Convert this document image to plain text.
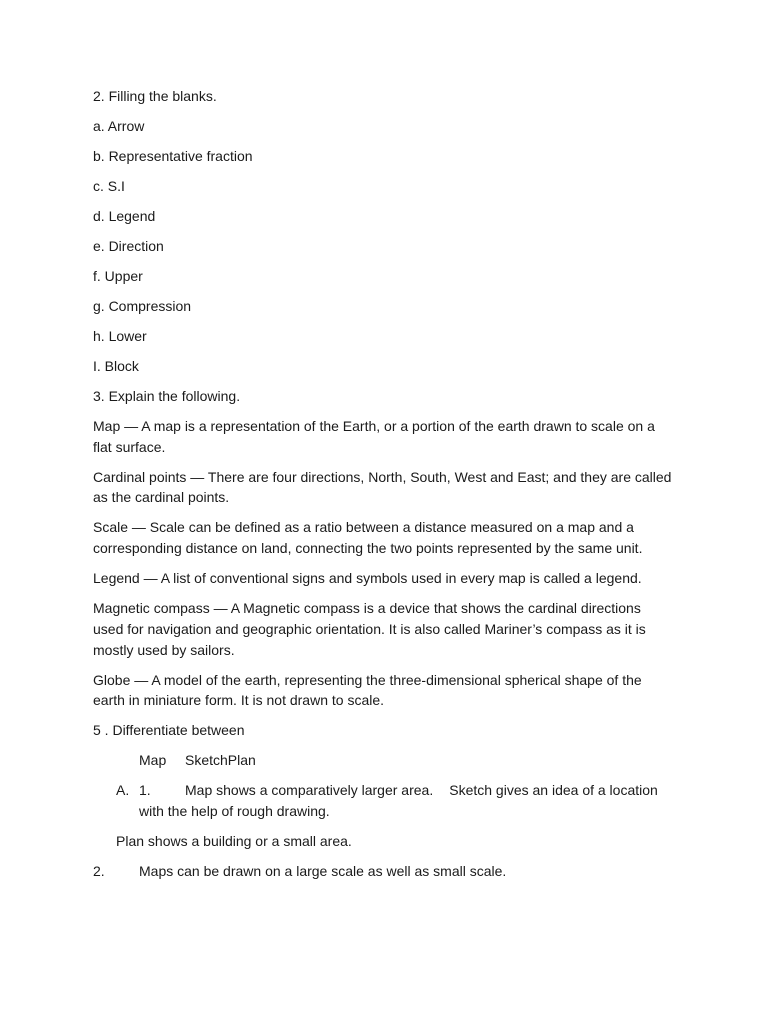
2. Filling the blanks.

a. Arrow

b. Representative fraction

c. S.I

d. Legend

e. Direction

f. Upper

g. Compression

h. Lower

I. Block

3. Explain the following.

Map — A map is a representation of the Earth, or a portion of the earth drawn to scale on a flat surface.

Cardinal points — There are four directions, North, South, West and East; and they are called as the cardinal points.

Scale — Scale can be defined as a ratio between a distance measured on a map and a corresponding distance on land, connecting the two points represented by the same unit.

Legend — A list of conventional signs and symbols used in every map is called a legend.

Magnetic compass — A Magnetic compass is a device that shows the cardinal directions used for navigation and geographic orientation. It is also called Mariner’s compass as it is mostly used by sailors.

Globe — A model of the earth, representing the three-dimensional spherical shape of the earth in miniature form. It is not drawn to scale.

5 . Differentiate between

Map SketchPlan
A. 1. Map shows a comparatively larger area. Sketch gives an idea of a location with the help of rough drawing.

Plan shows a building or a small area.

2.	Maps can be drawn on a large scale as well as small scale.
